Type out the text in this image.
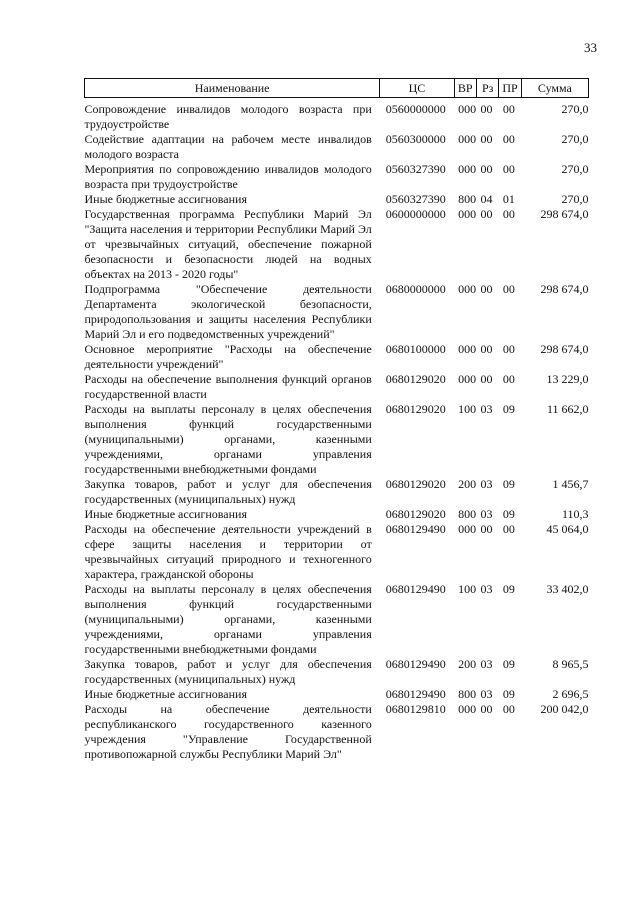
33
Наименование	ЦС	ВР	Рз	ПР	Сумма
Сопровождение инвалидов молодого возраста при трудоустройстве	0560000000	000	00	00	270,0
Содействие адаптации на рабочем месте инвалидов молодого возраста	0560300000	000	00	00	270,0
Мероприятия по сопровождению инвалидов молодого возраста при трудоустройстве	0560327390	000	00	00	270,0
Иные бюджетные ассигнования	0560327390	800	04	01	270,0
Государственная программа Республики Марий Эл "Защита населения и территории Республики Марий Эл от чрезвычайных ситуаций, обеспечение пожарной безопасности и безопасности людей на водных объектах на 2013 - 2020 годы"	0600000000	000	00	00	298 674,0
Подпрограмма "Обеспечение деятельности Департамента экологической безопасности, природопользования и защиты населения Республики Марий Эл и его подведомственных учреждений"	0680000000	000	00	00	298 674,0
Основное мероприятие "Расходы на обеспечение деятельности учреждений"	0680100000	000	00	00	298 674,0
Расходы на обеспечение выполнения функций органов государственной власти	0680129020	000	00	00	13 229,0
Расходы на выплаты персоналу в целях обеспечения выполнения функций государственными (муниципальными) органами, казенными учреждениями, органами управления государственными внебюджетными фондами	0680129020	100	03	09	11 662,0
Закупка товаров, работ и услуг для обеспечения государственных (муниципальных) нужд	0680129020	200	03	09	1 456,7
Иные бюджетные ассигнования	0680129020	800	03	09	110,3
Расходы на обеспечение деятельности учреждений в сфере защиты населения и территории от чрезвычайных ситуаций природного и техногенного характера, гражданской обороны	0680129490	000	00	00	45 064,0
Расходы на выплаты персоналу в целях обеспечения выполнения функций государственными (муниципальными) органами, казенными учреждениями, органами управления государственными внебюджетными фондами	0680129490	100	03	09	33 402,0
Закупка товаров, работ и услуг для обеспечения государственных (муниципальных) нужд	0680129490	200	03	09	8 965,5
Иные бюджетные ассигнования	0680129490	800	03	09	2 696,5
Расходы на обеспечение деятельности республиканского государственного казенного учреждения "Управление Государственной противопожарной службы Республики Марий Эл"	0680129810	000	00	00	200 042,0
